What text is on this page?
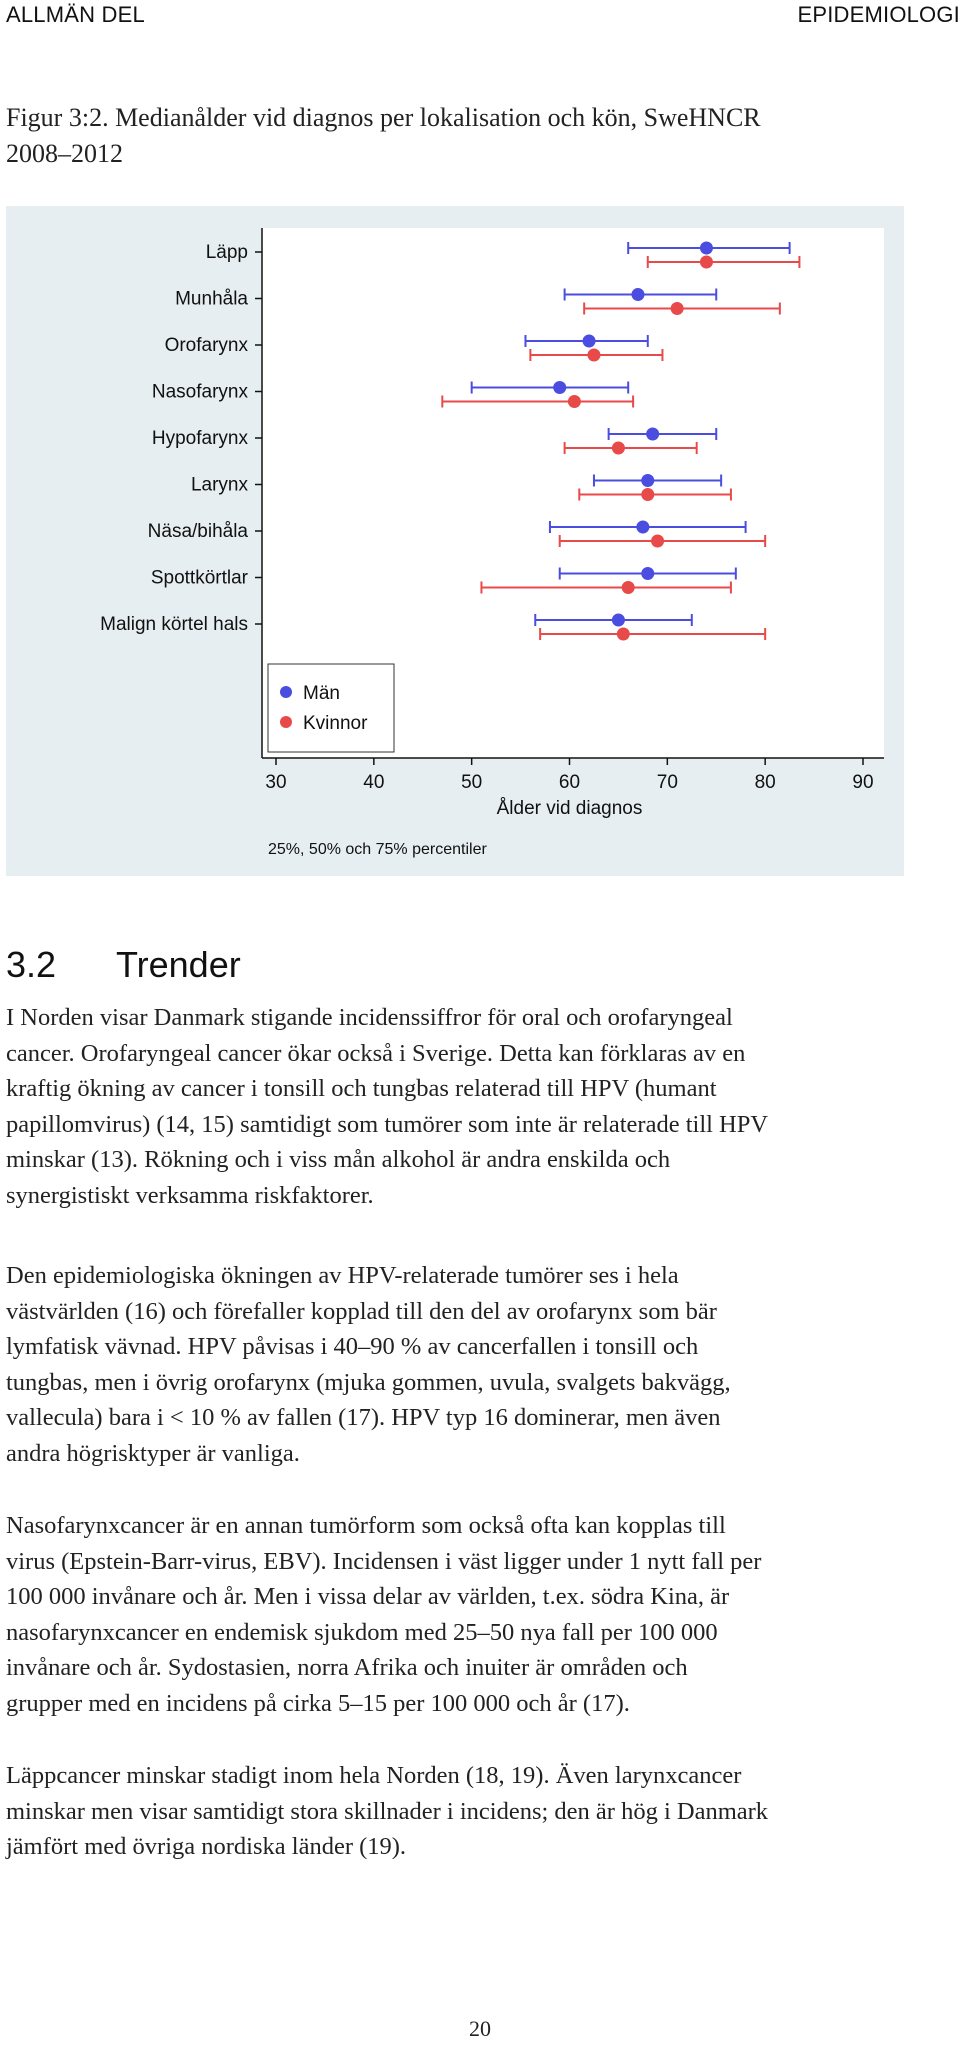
ALLMÄN DEL	EPIDEMIOLOGI
Figur 3:2. Medianålder vid diagnos per lokalisation och kön, SweHNCR
2008–2012
Läpp
Munhåla
Orofarynx
Nasofarynx
Hypofarynx
Larynx
Näsa/bihåla
Spottkörtlar
Malign körtel hals
30	40	50	60	70	80	90
Ålder vid diagnos
25%, 50% och 75% percentiler
Män
Kvinnor
3.2 Trender
I Norden visar Danmark stigande incidenssiffror för oral och orofaryngeal
cancer. Orofaryngeal cancer ökar också i Sverige. Detta kan förklaras av en
kraftig ökning av cancer i tonsill och tungbas relaterad till HPV (humant
papillomvirus) (14, 15) samtidigt som tumörer som inte är relaterade till HPV
minskar (13). Rökning och i viss mån alkohol är andra enskilda och
synergistiskt verksamma riskfaktorer.
Den epidemiologiska ökningen av HPV-relaterade tumörer ses i hela
västvärlden (16) och förefaller kopplad till den del av orofarynx som bär
lymfatisk vävnad. HPV påvisas i 40–90 % av cancerfallen i tonsill och
tungbas, men i övrig orofarynx (mjuka gommen, uvula, svalgets bakvägg,
vallecula) bara i < 10 % av fallen (17). HPV typ 16 dominerar, men även
andra högrisktyper är vanliga.
Nasofarynxcancer är en annan tumörform som också ofta kan kopplas till
virus (Epstein-Barr-virus, EBV). Incidensen i väst ligger under 1 nytt fall per
100 000 invånare och år. Men i vissa delar av världen, t.ex. södra Kina, är
nasofarynxcancer en endemisk sjukdom med 25–50 nya fall per 100 000
invånare och år. Sydostasien, norra Afrika och inuiter är områden och
grupper med en incidens på cirka 5–15 per 100 000 och år (17).
Läppcancer minskar stadigt inom hela Norden (18, 19). Även larynxcancer
minskar men visar samtidigt stora skillnader i incidens; den är hög i Danmark
jämfört med övriga nordiska länder (19).
20
